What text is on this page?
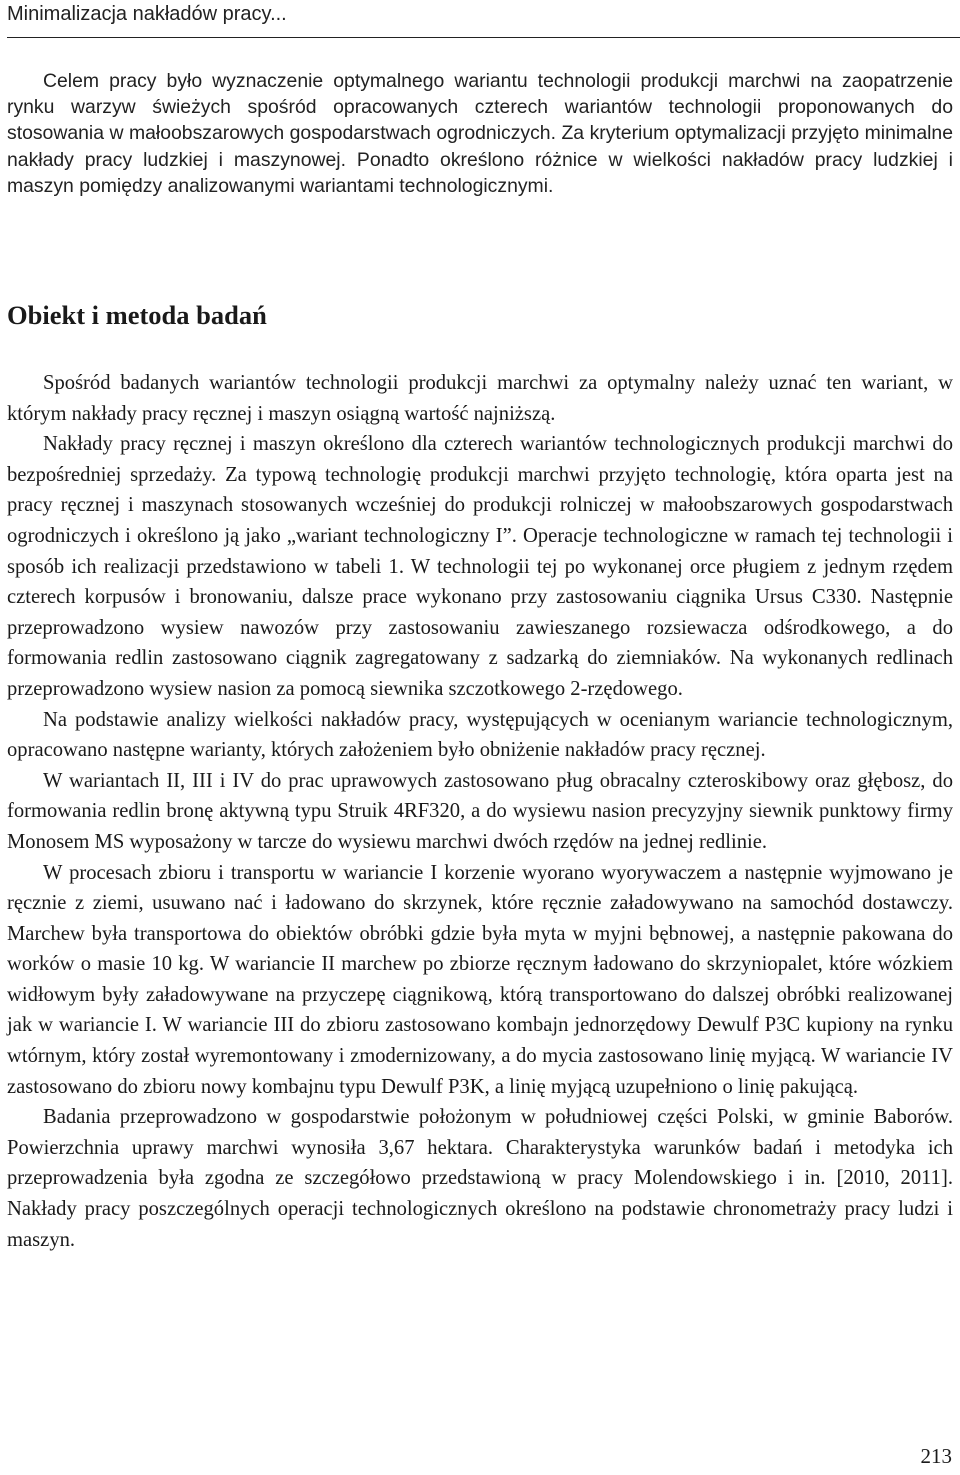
Minimalizacja nakładów pracy...

Celem pracy było wyznaczenie optymalnego wariantu technologii produkcji marchwi na zaopatrzenie rynku warzyw świeżych spośród opracowanych czterech wariantów technologii proponowanych do stosowania w małoobszarowych gospodarstwach ogrodniczych. Za kryterium optymalizacji przyjęto minimalne nakłady pracy ludzkiej i maszynowej. Ponadto określono różnice w wielkości nakładów pracy ludzkiej i maszyn pomiędzy analizowanymi wariantami technologicznymi.

Obiekt i metoda badań

Spośród badanych wariantów technologii produkcji marchwi za optymalny należy uznać ten wariant, w którym nakłady pracy ręcznej i maszyn osiągną wartość najniższą.

Nakłady pracy ręcznej i maszyn określono dla czterech wariantów technologicznych produkcji marchwi do bezpośredniej sprzedaży. Za typową technologię produkcji marchwi przyjęto technologię, która oparta jest na pracy ręcznej i maszynach stosowanych wcześniej do produkcji rolniczej w małoobszarowych gospodarstwach ogrodniczych i określono ją jako „wariant technologiczny I”. Operacje technologiczne w ramach tej technologii i sposób ich realizacji przedstawiono w tabeli 1. W technologii tej po wykonanej orce pługiem z jednym rzędem czterech korpusów i bronowaniu, dalsze prace wykonano przy zastosowaniu ciągnika Ursus C330. Następnie przeprowadzono wysiew nawozów przy zastosowaniu zawieszanego rozsiewacza odśrodkowego, a do formowania redlin zastosowano ciągnik zagregatowany z sadzarką do ziemniaków. Na wykonanych redlinach przeprowadzono wysiew nasion za pomocą siewnika szczotkowego 2-rzędowego.

Na podstawie analizy wielkości nakładów pracy, występujących w ocenianym wariancie technologicznym, opracowano następne warianty, których założeniem było obniżenie nakładów pracy ręcznej.

W wariantach II, III i IV do prac uprawowych zastosowano pług obracalny czteroskibowy oraz głębosz, do formowania redlin bronę aktywną typu Struik 4RF320, a do wysiewu nasion precyzyjny siewnik punktowy firmy Monosem MS wyposażony w tarcze do wysiewu marchwi dwóch rzędów na jednej redlinie.

W procesach zbioru i transportu w wariancie I korzenie wyorano wyorywaczem a następnie wyjmowano je ręcznie z ziemi, usuwano nać i ładowano do skrzynek, które ręcznie załadowywano na samochód dostawczy. Marchew była transportowa do obiektów obróbki gdzie była myta w myjni bębnowej, a następnie pakowana do worków o masie 10 kg. W wariancie II marchew po zbiorze ręcznym ładowano do skrzyniopalet, które wózkiem widłowym były załadowywane na przyczepę ciągnikową, którą transportowano do dalszej obróbki realizowanej jak w wariancie I. W wariancie III do zbioru zastosowano kombajn jednorzędowy Dewulf P3C kupiony na rynku wtórnym, który został wyremontowany i zmodernizowany, a do mycia zastosowano linię myjącą. W wariancie IV zastosowano do zbioru nowy kombajnu typu Dewulf P3K, a linię myjącą uzupełniono o linię pakującą.

Badania przeprowadzono w gospodarstwie położonym w południowej części Polski, w gminie Baborów. Powierzchnia uprawy marchwi wynosiła 3,67 hektara. Charakterystyka warunków badań i metodyka ich przeprowadzenia była zgodna ze szczegółowo przedstawioną w pracy Molendowskiego i in. [2010, 2011]. Nakłady pracy poszczególnych operacji technologicznych określono na podstawie chronometraży pracy ludzi i maszyn.

213
